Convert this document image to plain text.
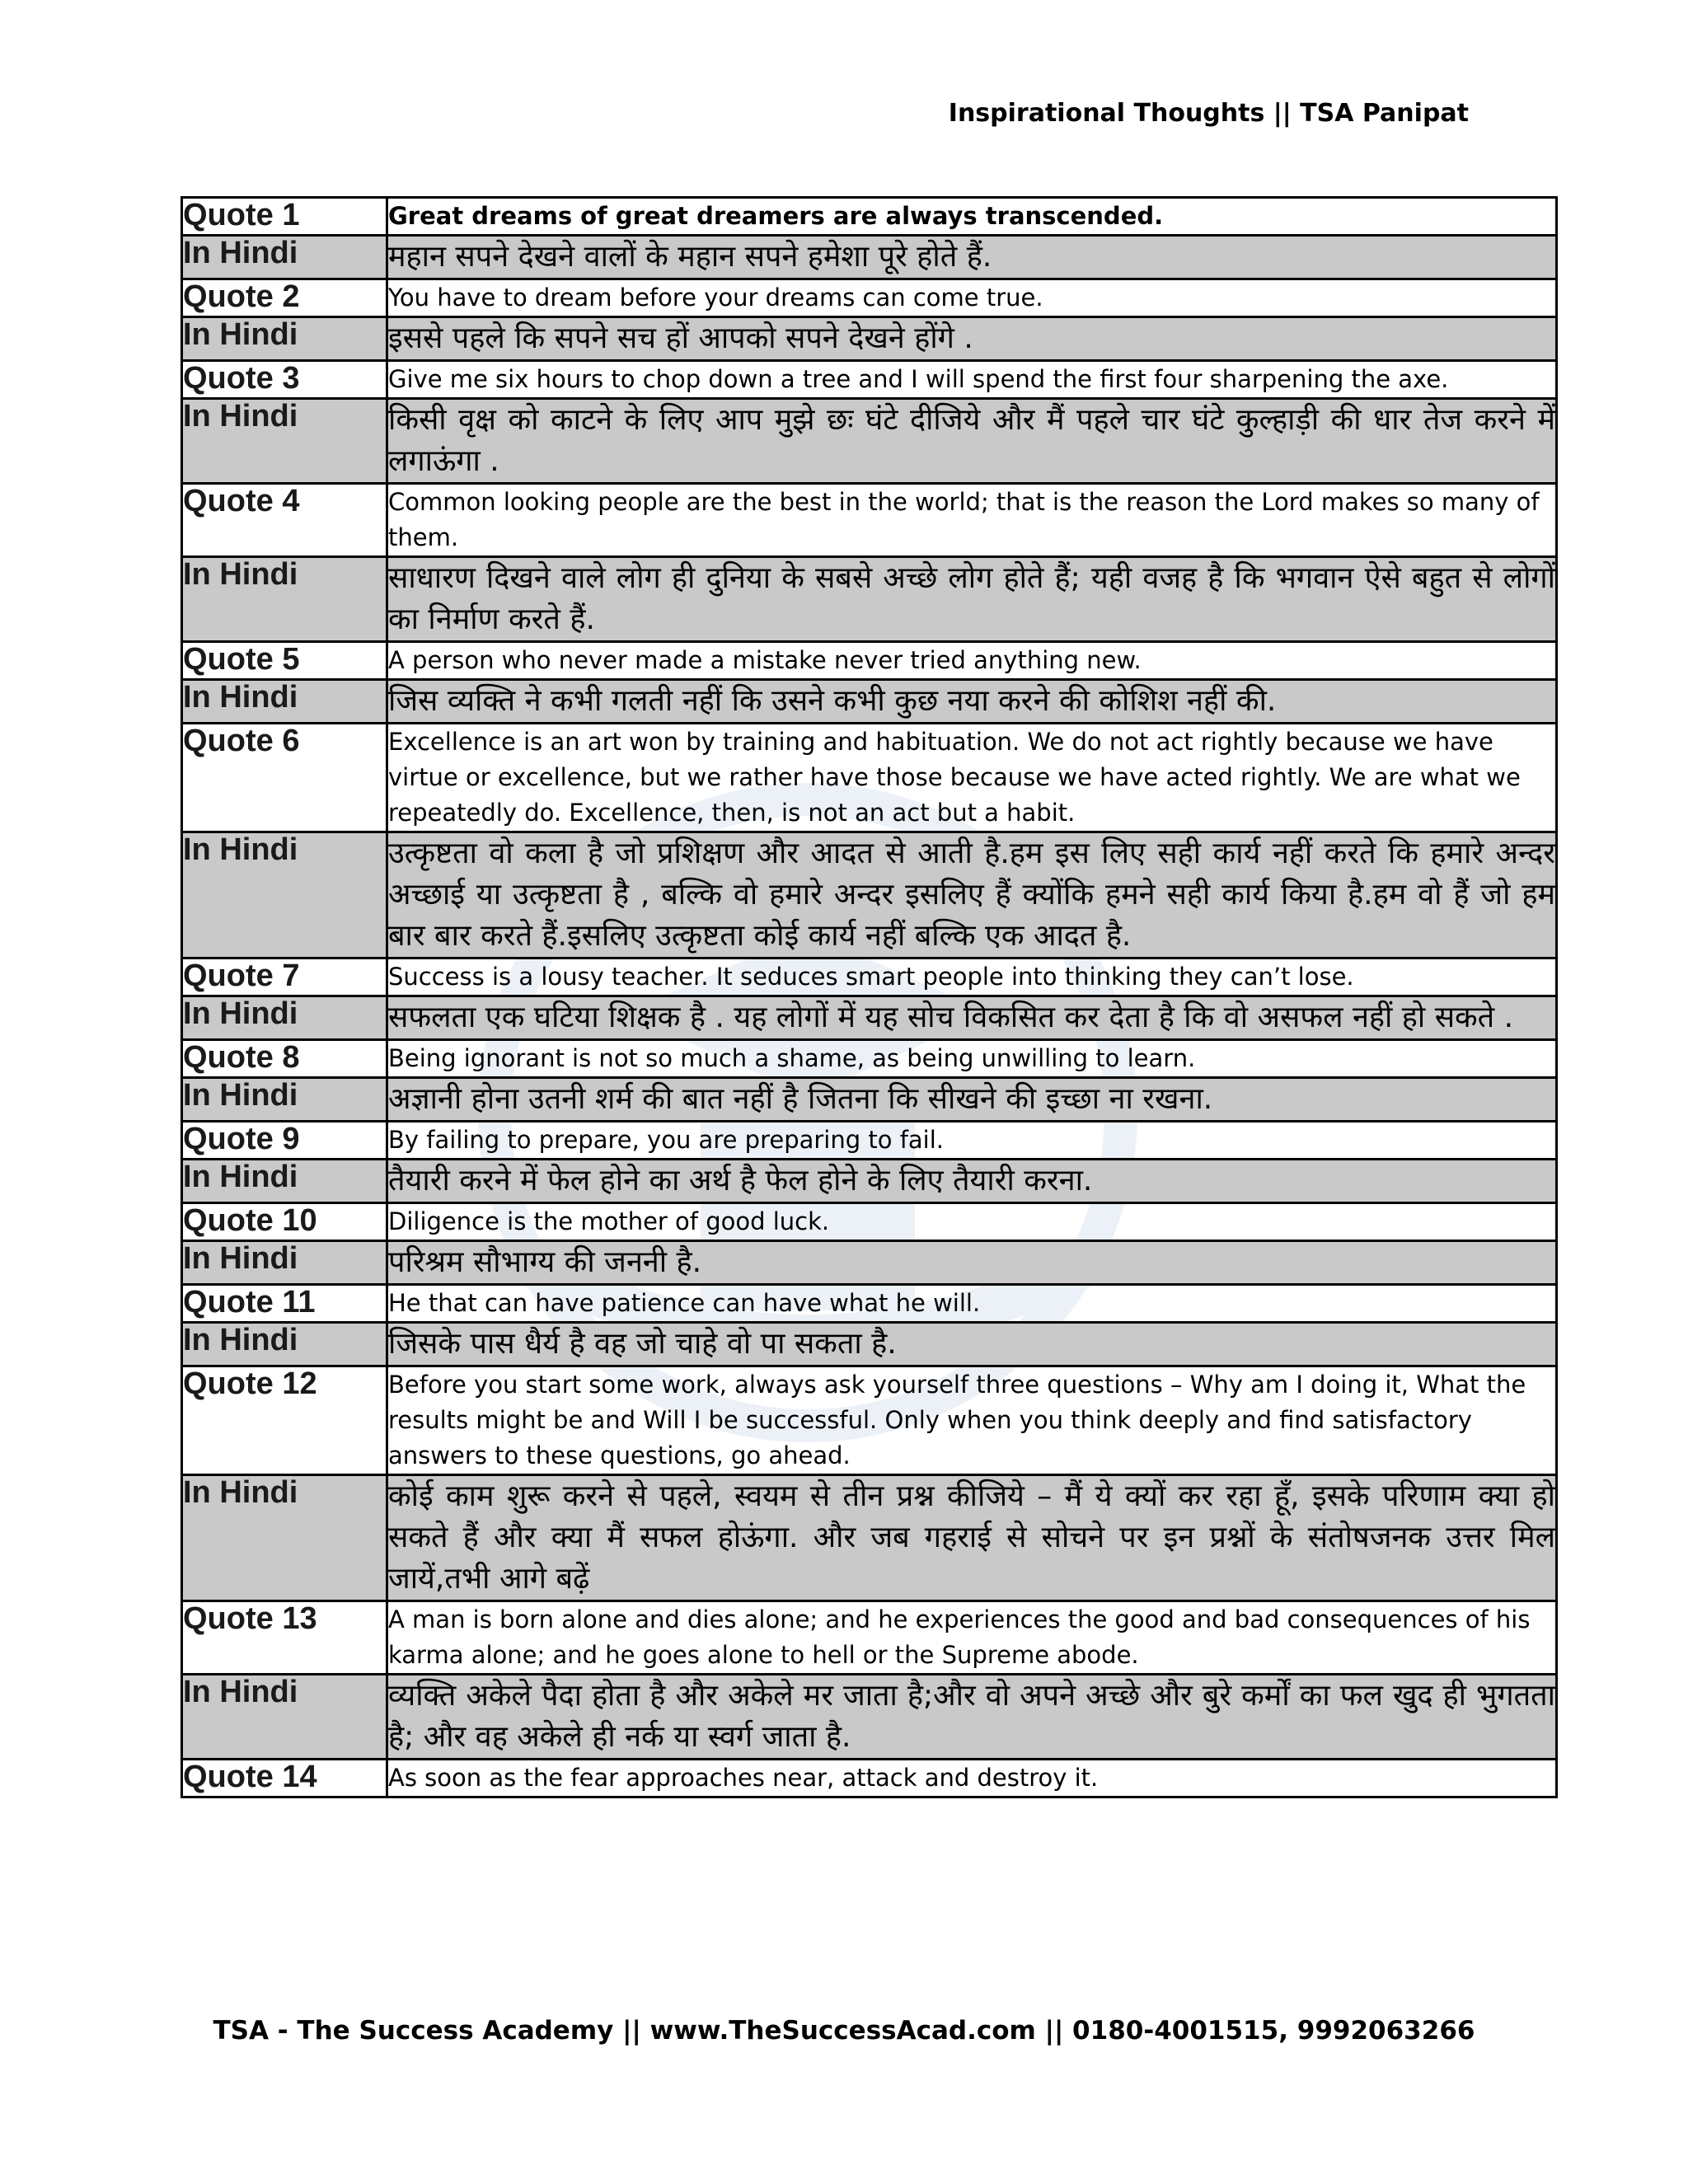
Inspirational Thoughts || TSA Panipat
Quote 1	Great dreams of great dreamers are always transcended.
In Hindi	महान सपने देखने वालों के महान सपने हमेशा पूरे होते हैं.
Quote 2	You have to dream before your dreams can come true.
In Hindi	इससे पहले कि सपने सच हों आपको सपने देखने होंगे .
Quote 3	Give me six hours to chop down a tree and I will spend the first four sharpening the axe.
In Hindi	किसी वृक्ष को काटने के लिए आप मुझे छः घंटे दीजिये और मैं पहले चार घंटे कुल्हाड़ी की धार तेज करने में लगाऊंगा .
Quote 4	Common looking people are the best in the world; that is the reason the Lord makes so many of them.
In Hindi	साधारण दिखने वाले लोग ही दुनिया के सबसे अच्छे लोग होते हैं; यही वजह है कि भगवान ऐसे बहुत से लोगों का निर्माण करते हैं.
Quote 5	A person who never made a mistake never tried anything new.
In Hindi	जिस व्यक्ति ने कभी गलती नहीं कि उसने कभी कुछ नया करने की कोशिश नहीं की.
Quote 6	Excellence is an art won by training and habituation. We do not act rightly because we have virtue or excellence, but we rather have those because we have acted rightly. We are what we repeatedly do. Excellence, then, is not an act but a habit.
In Hindi	उत्कृष्टता वो कला है जो प्रशिक्षण और आदत से आती है.हम इस लिए सही कार्य नहीं करते कि हमारे अन्दर अच्छाई या उत्कृष्टता है , बल्कि वो हमारे अन्दर इसलिए हैं क्योंकि हमने सही कार्य किया है.हम वो हैं जो हम बार बार करते हैं.इसलिए उत्कृष्टता कोई कार्य नहीं बल्कि एक आदत है.
Quote 7	Success is a lousy teacher. It seduces smart people into thinking they can’t lose.
In Hindi	सफलता एक घटिया शिक्षक है . यह लोगों में यह सोच विकसित कर देता है कि वो असफल नहीं हो सकते .
Quote 8	Being ignorant is not so much a shame, as being unwilling to learn.
In Hindi	अज्ञानी होना उतनी शर्म की बात नहीं है जितना कि सीखने की इच्छा ना रखना.
Quote 9	By failing to prepare, you are preparing to fail.
In Hindi	तैयारी करने में फेल होने का अर्थ है फेल होने के लिए तैयारी करना.
Quote 10	Diligence is the mother of good luck.
In Hindi	परिश्रम सौभाग्य की जननी है.
Quote 11	He that can have patience can have what he will.
In Hindi	जिसके पास धैर्य है वह जो चाहे वो पा सकता है.
Quote 12	Before you start some work, always ask yourself three questions – Why am I doing it, What the results might be and Will I be successful. Only when you think deeply and find satisfactory answers to these questions, go ahead.
In Hindi	कोई काम शुरू करने से पहले, स्वयम से तीन प्रश्न कीजिये – मैं ये क्यों कर रहा हूँ, इसके परिणाम क्या हो सकते हैं और क्या मैं सफल होऊंगा. और जब गहराई से सोचने पर इन प्रश्नों के संतोषजनक उत्तर मिल जायें,तभी आगे बढ़ें
Quote 13	A man is born alone and dies alone; and he experiences the good and bad consequences of his karma alone; and he goes alone to hell or the Supreme abode.
In Hindi	व्यक्ति अकेले पैदा होता है और अकेले मर जाता है;और वो अपने अच्छे और बुरे कर्मों का फल खुद ही भुगतता है; और वह अकेले ही नर्क या स्वर्ग जाता है.
Quote 14	As soon as the fear approaches near, attack and destroy it.
TSA - The Success Academy || www.TheSuccessAcad.com || 0180-4001515, 9992063266
